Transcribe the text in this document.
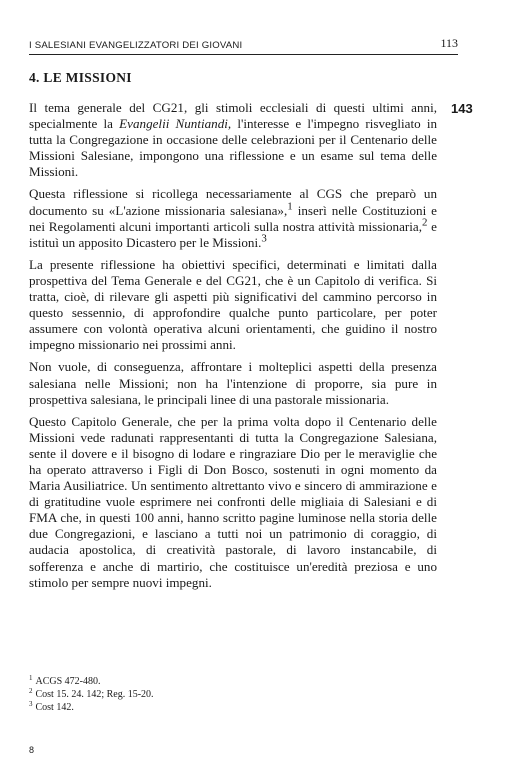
I SALESIANI EVANGELIZZATORI DEI GIOVANI	113
4. LE MISSIONI
143

Il tema generale del CG21, gli stimoli ecclesiali di questi ultimi anni, specialmente la Evangelii Nuntiandi, l'interesse e l'impegno risvegliato in tutta la Congregazione in occasione delle celebrazioni per il Centenario delle Missioni Salesiane, impongono una riflessione e un esame sul tema delle Missioni.

Questa riflessione si ricollega necessariamente al CGS che preparò un documento su «L'azione missionaria salesiana»,$^1$ inserì nelle Costituzioni e nei Regolamenti alcuni importanti articoli sulla nostra attività missionaria,$^2$ e istituì un apposito Dicastero per le Missioni.$^3$

La presente riflessione ha obiettivi specifici, determinati e limitati dalla prospettiva del Tema Generale e del CG21, che è un Capitolo di verifica. Si tratta, cioè, di rilevare gli aspetti più significativi del cammino percorso in questo sessennio, di approfondire qualche punto particolare, per poter assumere con volontà operativa alcuni orientamenti, che guidino il nostro impegno missionario nei prossimi anni.

Non vuole, di conseguenza, affrontare i molteplici aspetti della presenza salesiana nelle Missioni; non ha l'intenzione di proporre, sia pure in prospettiva salesiana, le principali linee di una pastorale missionaria.

Questo Capitolo Generale, che per la prima volta dopo il Centenario delle Missioni vede radunati rappresentanti di tutta la Congregazione Salesiana, sente il dovere e il bisogno di lodare e ringraziare Dio per le meraviglie che ha operato attraverso i Figli di Don Bosco, sostenuti in ogni momento da Maria Ausiliatrice. Un sentimento altrettanto vivo e sincero di ammirazione e di gratitudine vuole esprimere nei confronti delle migliaia di Salesiani e di FMA che, in questi 100 anni, hanno scritto pagine luminose nella storia delle due Congregazioni, e lasciano a tutti noi un patrimonio di coraggio, di audacia apostolica, di creatività pastorale, di lavoro instancabile, di sofferenza e anche di martirio, che costituisce un'eredità preziosa e uno stimolo per sempre nuovi impegni.

$^1$ ACGS 472-480.

$^2$ Cost 15. 24. 142; Reg. 15-20.

$^3$ Cost 142.

8
